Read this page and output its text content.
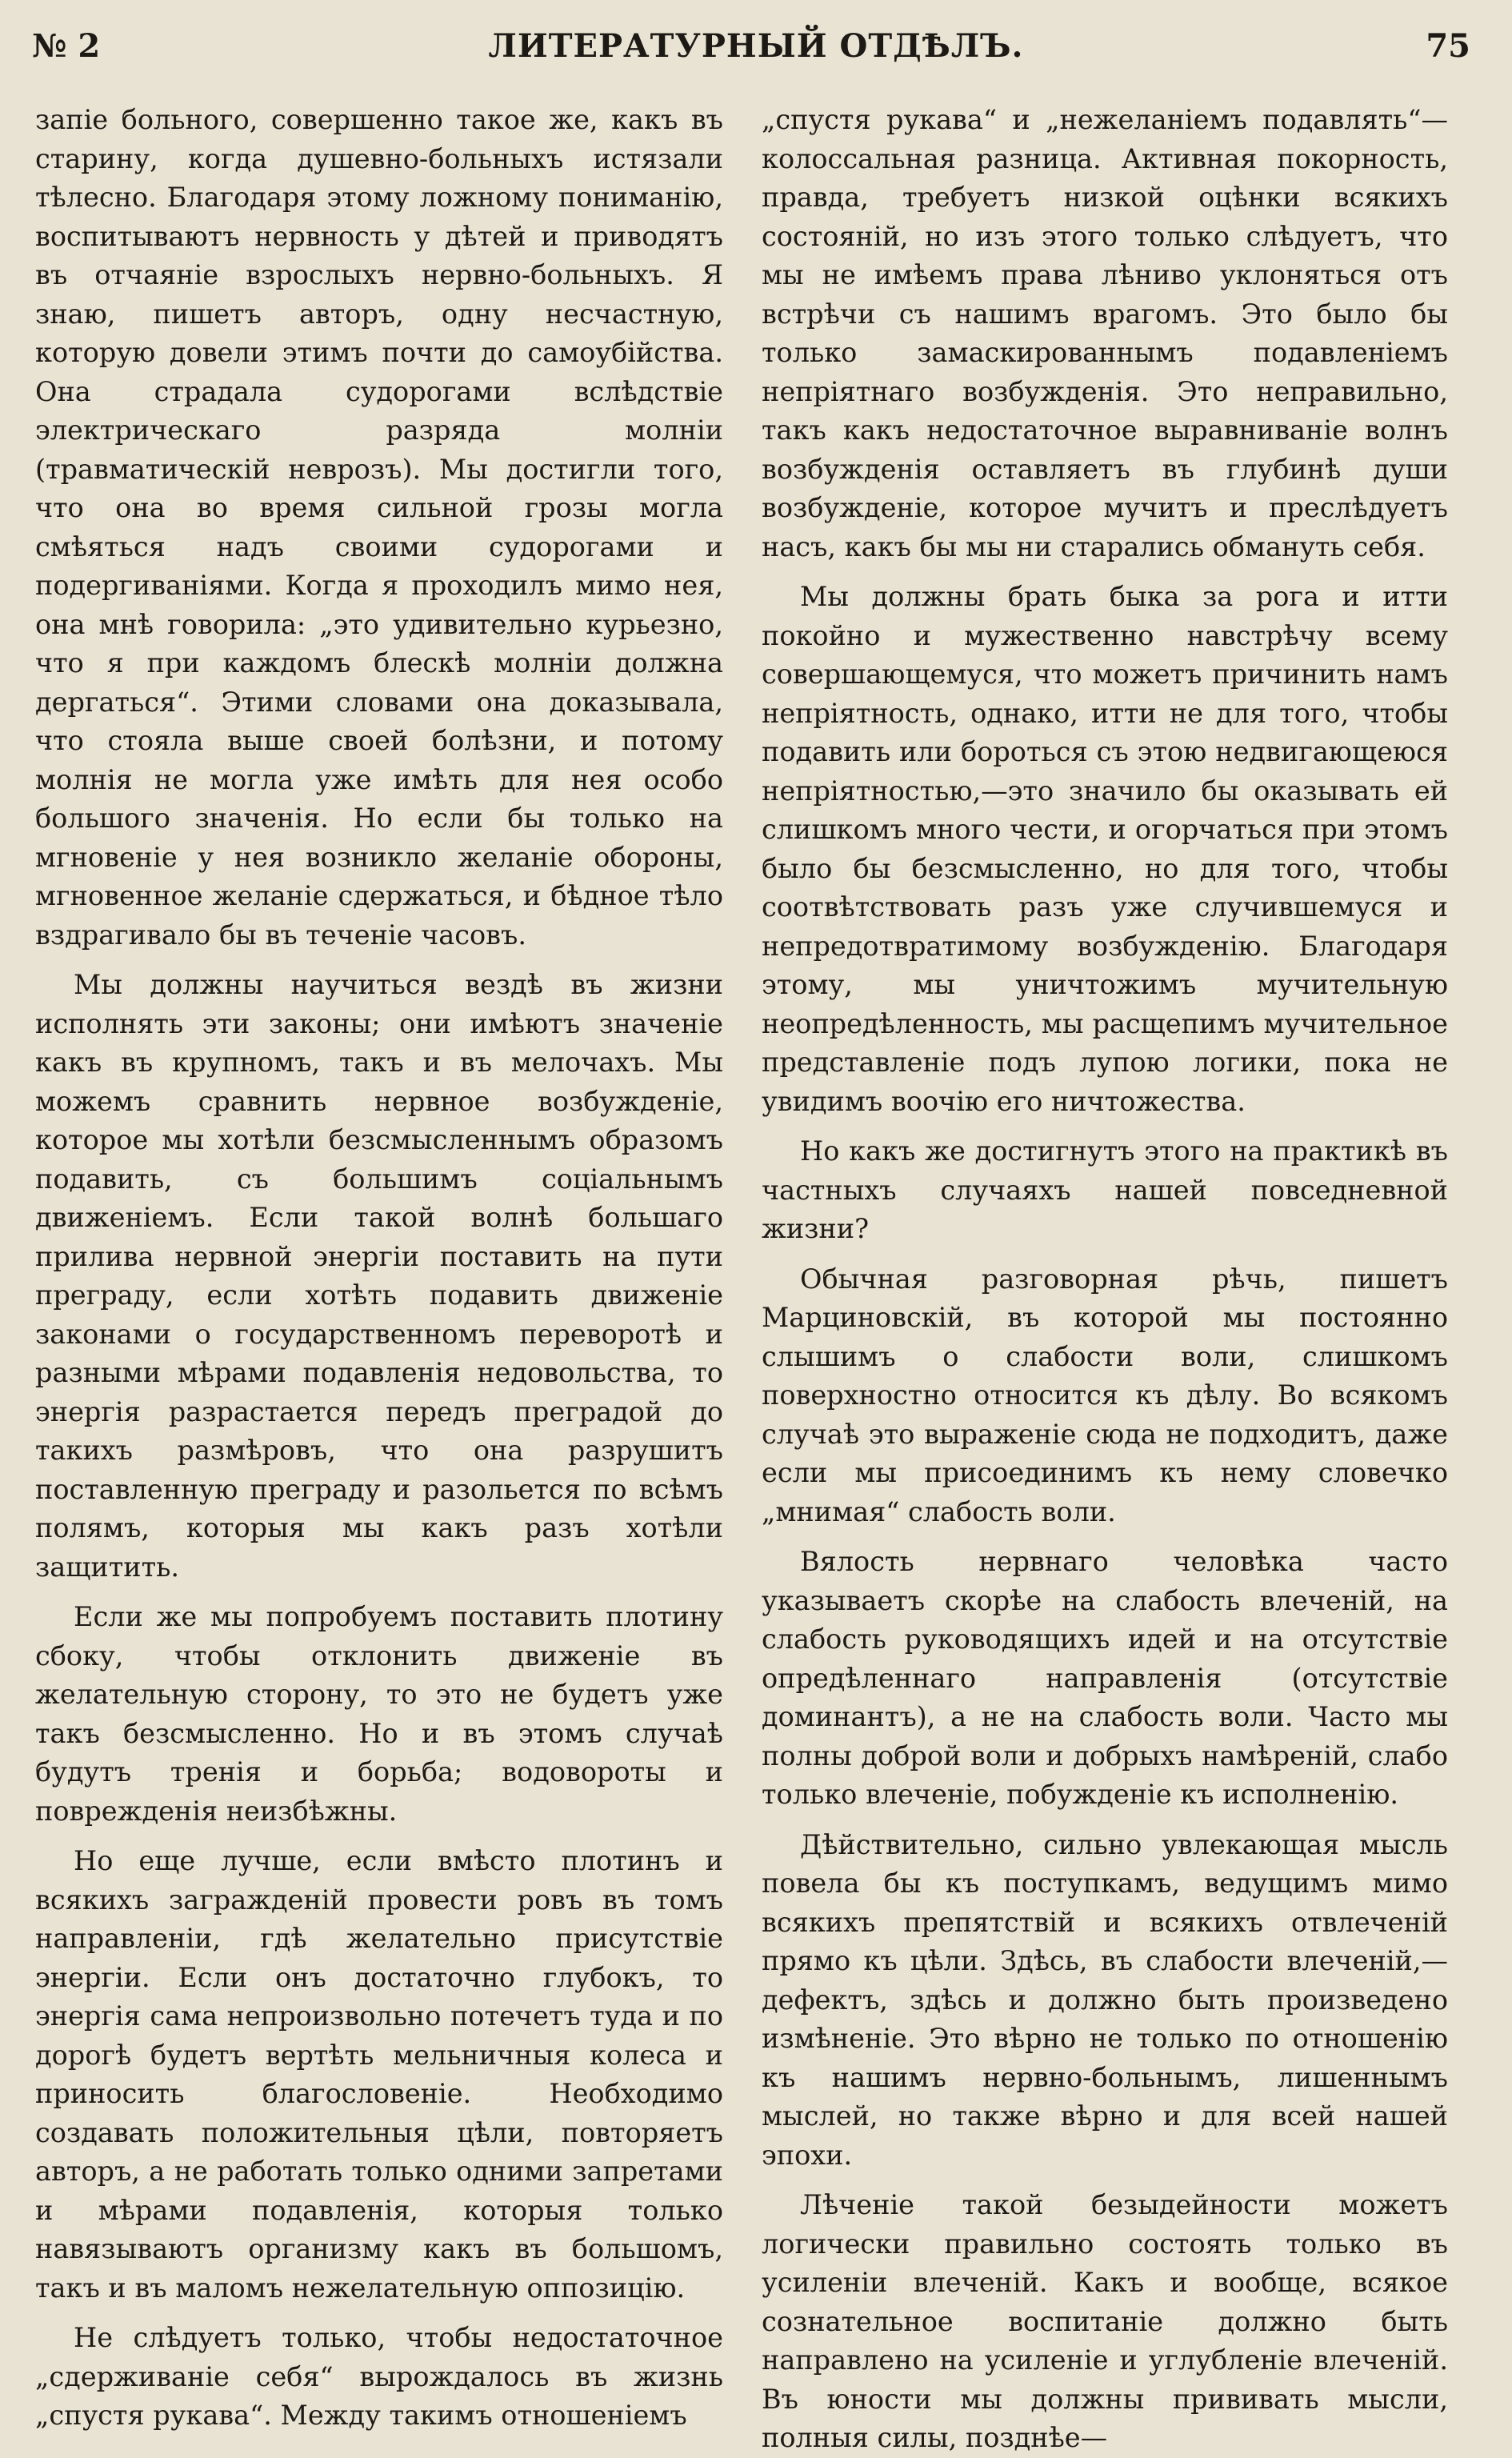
№ 2	ЛИТЕРАТУРНЫЙ ОТДѢЛЪ.	75

запіе больного, совершенно такое же, какъ въ старину, когда душевно-больныхъ истязали тѣлесно. Благодаря этому ложному пониманію, воспитываютъ нервность у дѣтей и приводятъ въ отчаяніе взрослыхъ нервно-больныхъ. Я знаю, пишетъ авторъ, одну несчастную, которую довели этимъ почти до самоубійства. Она страдала судорогами вслѣдствіе электрическаго разряда молніи (травматическій неврозъ). Мы достигли того, что она во время сильной грозы могла смѣяться надъ своими судорогами и подергиваніями. Когда я проходилъ мимо нея, она мнѣ говорила: „это удивительно курьезно, что я при каждомъ блескѣ молніи должна дергаться“. Этими словами она доказывала, что стояла выше своей болѣзни, и потому молнія не могла уже имѣть для нея особо большого значенія. Но если бы только на мгновеніе у нея возникло желаніе обороны, мгновенное желаніе сдержаться, и бѣдное тѣло вздрагивало бы въ теченіе часовъ.

Мы должны научиться вездѣ въ жизни исполнять эти законы; они имѣютъ значеніе какъ въ крупномъ, такъ и въ мелочахъ. Мы можемъ сравнить нервное возбужденіе, которое мы хотѣли безсмысленнымъ образомъ подавить, съ большимъ соціальнымъ движеніемъ. Если такой волнѣ большаго прилива нервной энергіи поставить на пути преграду, если хотѣть подавить движеніе законами о государственномъ переворотѣ и разными мѣрами подавленія недовольства, то энергія разрастается передъ преградой до такихъ размѣровъ, что она разрушитъ поставленную преграду и разольется по всѣмъ полямъ, которыя мы какъ разъ хотѣли защитить.

Если же мы попробуемъ поставить плотину сбоку, чтобы отклонить движеніе въ желательную сторону, то это не будетъ уже такъ безсмысленно. Но и въ этомъ случаѣ будутъ тренія и борьба; водовороты и поврежденія неизбѣжны.

Но еще лучше, если вмѣсто плотинъ и всякихъ загражденій провести ровъ въ томъ направленіи, гдѣ желательно присутствіе энергіи. Если онъ достаточно глубокъ, то энергія сама непроизвольно потечетъ туда и по дорогѣ будетъ вертѣть мельничныя колеса и приносить благословеніе. Необходимо создавать положительныя цѣли, повторяетъ авторъ, а не работать только одними запретами и мѣрами подавленія, которыя только навязываютъ организму какъ въ большомъ, такъ и въ маломъ нежелательную оппозицію.

Не слѣдуетъ только, чтобы недостаточное „сдерживаніе себя“ вырождалось въ жизнь „спустя рукава“. Между такимъ отношеніемъ

„спустя рукава“ и „нежеланіемъ подавлять“— колоссальная разница. Активная покорность, правда, требуетъ низкой оцѣнки всякихъ состояній, но изъ этого только слѣдуетъ, что мы не имѣемъ права лѣниво уклоняться отъ встрѣчи съ нашимъ врагомъ. Это было бы только замаскированнымъ подавленіемъ непріятнаго возбужденія. Это неправильно, такъ какъ недостаточное выравниваніе волнъ возбужденія оставляетъ въ глубинѣ души возбужденіе, которое мучитъ и преслѣдуетъ насъ, какъ бы мы ни старались обмануть себя.

Мы должны брать быка за рога и итти покойно и мужественно навстрѣчу всему совершающемуся, что можетъ причинить намъ непріятность, однако, итти не для того, чтобы подавить или бороться съ этою недвигающеюся непріятностью,—это значило бы оказывать ей слишкомъ много чести, и огорчаться при этомъ было бы безсмысленно, но для того, чтобы соотвѣтствовать разъ уже случившемуся и непредотвратимому возбужденію. Благодаря этому, мы уничтожимъ мучительную неопредѣленность, мы расщепимъ мучительное представленіе подъ лупою логики, пока не увидимъ воочію его ничтожества.

Но какъ же достигнутъ этого на практикѣ въ частныхъ случаяхъ нашей повседневной жизни?

Обычная разговорная рѣчь, пишетъ Марциновскій, въ которой мы постоянно слышимъ о слабости воли, слишкомъ поверхностно относится къ дѣлу. Во всякомъ случаѣ это выраженіе сюда не подходитъ, даже если мы присоединимъ къ нему словечко „мнимая“ слабость воли.

Вялость нервнаго человѣка часто указываетъ скорѣе на слабость влеченій, на слабость руководящихъ идей и на отсутствіе опредѣленнаго направленія (отсутствіе доминантъ), а не на слабость воли. Часто мы полны доброй воли и добрыхъ намѣреній, слабо только влеченіе, побужденіе къ исполненію.

Дѣйствительно, сильно увлекающая мысль повела бы къ поступкамъ, ведущимъ мимо всякихъ препятствій и всякихъ отвлеченій прямо къ цѣли. Здѣсь, въ слабости влеченій,—дефектъ, здѣсь и должно быть произведено измѣненіе. Это вѣрно не только по отношенію къ нашимъ нервно-больнымъ, лишеннымъ мыслей, но также вѣрно и для всей нашей эпохи.

Лѣченіе такой безыдейности можетъ логически правильно состоять только въ усиленіи влеченій. Какъ и вообще, всякое сознательное воспитаніе должно быть направлено на усиленіе и углубленіе влеченій. Въ юности мы должны прививать мысли, полныя силы, позднѣе—
